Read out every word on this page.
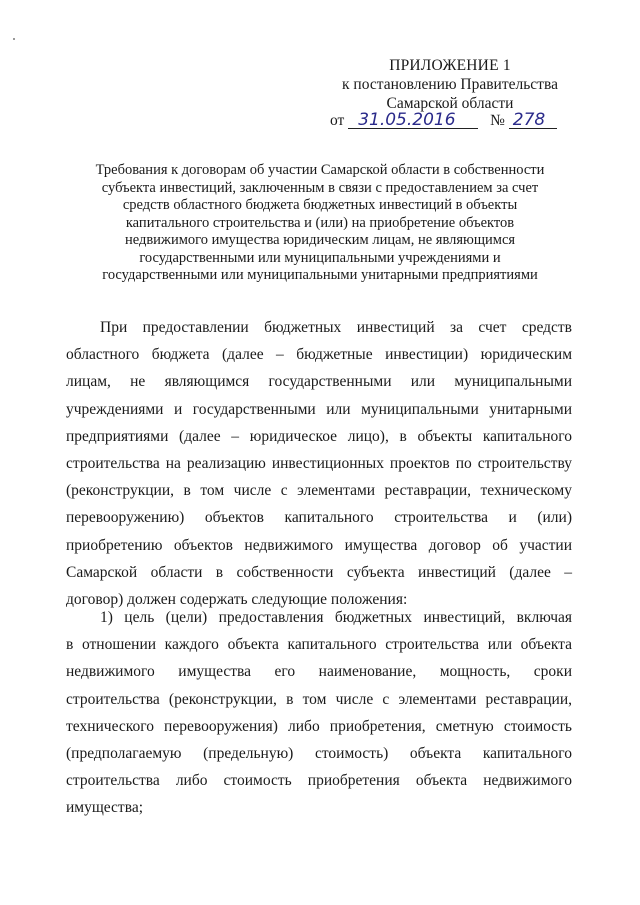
ПРИЛОЖЕНИЕ 1
к постановлению Правительства
Самарской области
от 31.05.2016 № 278
Требования к договорам об участии Самарской области в собственности
субъекта инвестиций, заключенным в связи с предоставлением за счет
средств областного бюджета бюджетных инвестиций в объекты
капитального строительства и (или) на приобретение объектов
недвижимого имущества юридическим лицам, не являющимся
государственными или муниципальными учреждениями и
государственными или муниципальными унитарными предприятиями
При предоставлении бюджетных инвестиций за счет средств
областного бюджета (далее – бюджетные инвестиции) юридическим
лицам, не являющимся государственными или муниципальными
учреждениями и государственными или муниципальными унитарными
предприятиями (далее – юридическое лицо), в объекты капитального
строительства на реализацию инвестиционных проектов по строительству
(реконструкции, в том числе с элементами реставрации, техническому
перевооружению) объектов капитального строительства и (или)
приобретению объектов недвижимого имущества договор об участии
Самарской области в собственности субъекта инвестиций (далее –
договор) должен содержать следующие положения:
1) цель (цели) предоставления бюджетных инвестиций, включая
в отношении каждого объекта капитального строительства или объекта
недвижимого имущества его наименование, мощность, сроки
строительства (реконструкции, в том числе с элементами реставрации,
технического перевооружения) либо приобретения, сметную стоимость
(предполагаемую (предельную) стоимость) объекта капитального
строительства либо стоимость приобретения объекта недвижимого
имущества;
